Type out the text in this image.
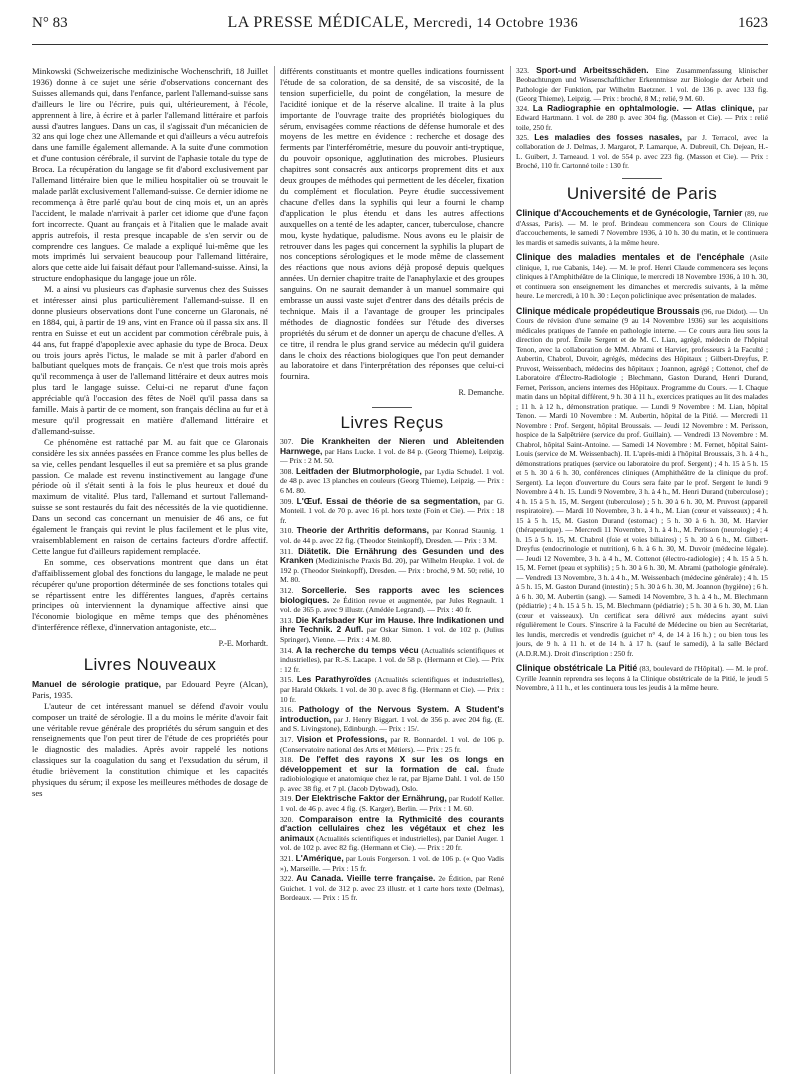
N° 83	LA PRESSE MÉDICALE, Mercredi, 14 Octobre 1936	1623

Minkowski (Schweizerische medizinische Wochenschrift, 18 Juillet 1936) donne à ce sujet une série d'observations concernant des Suisses allemands qui, dans l'enfance, parlent l'allemand-suisse sans d'ailleurs le lire ou l'écrire, puis qui, ultérieurement, à l'école, apprennent à lire, à écrire et à parler l'allemand littéraire et parfois aussi d'autres langues. Dans un cas, il s'agissait d'un mécanicien de 32 ans qui loge chez une Allemande et qui d'ailleurs a vécu autrefois dans une famille également allemande. A la suite d'une commotion et d'une contusion cérébrale, il survint de l'aphasie totale du type de Broca. La récupération du langage se fit d'abord exclusivement par l'allemand littéraire bien que le milieu hospitalier où se trouvait le malade parlât exclusivement l'allemand-suisse. Ce dernier idiome ne recommença à être parlé qu'au bout de cinq mois et, un an après l'accident, le malade n'arrivait à parler cet idiome que d'une façon fort incorrecte. Quant au français et à l'italien que le malade avait appris autrefois, il resta presque incapable de s'en servir ou de comprendre ces langues. Ce malade a expliqué lui-même que les mots imprimés lui servaient beaucoup pour l'allemand littéraire, alors que cette aide lui faisait défaut pour l'allemand-suisse. Ainsi, la structure endophasique du langage joue un rôle.

M. a ainsi vu plusieurs cas d'aphasie survenus chez des Suisses et intéresser ainsi plus particulièrement l'allemand-suisse. Il en donne plusieurs observations dont l'une concerne un Glaronais, né en 1884, qui, à partir de 19 ans, vint en France où il passa six ans. Il rentra en Suisse et eut un accident par commotion cérébrale puis, à 44 ans, fut frappé d'apoplexie avec aphasie du type de Broca. Deux ou trois jours après l'ictus, le malade se mit à parler d'abord en balbutiant quelques mots de français. Ce n'est que trois mois après qu'il recommença à user de l'allemand littéraire et deux autres mois plus tard le langage suisse. Celui-ci ne reparut d'une façon appréciable qu'à l'occasion des fêtes de Noël qu'il passa dans sa famille. Mais à partir de ce moment, son français déclina au fur et à mesure qu'il progressait en matière d'allemand littéraire et d'allemand-suisse.

Ce phénomène est rattaché par M. au fait que ce Glaronais considère les six années passées en France comme les plus belles de sa vie, celles pendant lesquelles il eut sa première et sa plus grande passion. Ce malade est revenu instinctivement au langage d'une période où il s'était senti à la fois le plus heureux et doué du maximum de vitalité. Plus tard, l'allemand et surtout l'allemand-suisse se sont restaurés du fait des nécessités de la vie quotidienne. Dans un second cas concernant un menuisier de 46 ans, ce fut également le français qui revint le plus facilement et le plus vite, vraisemblablement en raison de certains facteurs d'ordre affectif. Cette langue fut d'ailleurs rapidement remplacée.

En somme, ces observations montrent que dans un état d'affaiblissement global des fonctions du langage, le malade ne peut récupérer qu'une proportion déterminée de ses fonctions totales qui se répartissent entre les différentes langues, d'après certains principes où interviennent la dynamique affective ainsi que l'économie biologique en même temps que des phénomènes d'interférence réflexe, d'innervation antagoniste, etc...

P.-E. Morhardt.
Livres Nouveaux

Manuel de sérologie pratique, par Edouard Peyre (Alcan), Paris, 1935.

L'auteur de cet intéressant manuel se défend d'avoir voulu composer un traité de sérologie. Il a du moins le mérite d'avoir fait une véritable revue générale des propriétés du sérum sanguin et des renseignements que l'on peut tirer de l'étude de ces propriétés pour le diagnostic des maladies. Après avoir rappelé les notions classiques sur la coagulation du sang et l'exsudation du sérum, il étudie brièvement la constitution chimique et les capacités physiques du sérum; il expose les meilleures méthodes de dosage de ses

différents constituants et montre quelles indications fournissent l'étude de sa coloration, de sa densité, de sa viscosité, de la tension superficielle, du point de congélation, la mesure de l'acidité ionique et de la réserve alcaline. Il traite à la plus importante de l'ouvrage traite des propriétés biologiques du sérum, envisagées comme réactions de défense humorale et des moyens de les mettre en évidence : recherche et dosage des ferments par l'interférométrie, mesure du pouvoir anti-tryptique, du pouvoir opsonique, agglutination des microbes. Plusieurs chapitres sont consacrés aux anticorps proprement dits et aux deux groupes de méthodes qui permettent de les déceler, fixation du complément et floculation. Peyre étudie successivement chacune d'elles dans la syphilis qui leur a fourni le champ d'application le plus étendu et dans les autres affections auxquelles on a tenté de les adapter, cancer, tuberculose, chancre mou, kyste hydatique, paludisme. Nous avons eu le plaisir de retrouver dans les pages qui concernent la syphilis la plupart de nos conceptions sérologiques et le mode même de classement des réactions que nous avions déjà proposé depuis quelques années. Un dernier chapitre traite de l'anaphylaxie et des groupes sanguins. On ne saurait demander à un manuel sommaire qui embrasse un aussi vaste sujet d'entrer dans des détails précis de technique. Mais il a l'avantage de grouper les principales méthodes de diagnostic fondées sur l'étude des diverses propriétés du sérum et de donner un aperçu de chacune d'elles. A ce titre, il rendra le plus grand service au médecin qu'il guidera dans le choix des réactions biologiques que l'on peut demander au laboratoire et dans l'interprétation des réponses que celui-ci fournira.

R. Demanche.
Livres Reçus

307. Die Krankheiten der Nieren und Ableitenden Harnwege, par Hans Lucke. 1 vol. de 84 p. (Georg Thieme), Leipzig. — Prix : 2 M. 50.

308. Leitfaden der Blutmorphologie, par Lydia Schudel. 1 vol. de 48 p. avec 13 planches en couleurs (Georg Thieme), Leipzig. — Prix : 6 M. 80.

309. L'Œuf. Essai de théorie de sa segmentation, par G. Monteil. 1 vol. de 70 p. avec 16 pl. hors texte (Foin et Cie). — Prix : 18 fr.

310. Theorie der Arthritis deformans, par Konrad Staunig. 1 vol. de 44 p. avec 22 fig. (Theodor Steinkopff), Dresden. — Prix : 3 M.

311. Diätetik. Die Ernährung des Gesunden und des Kranken (Medizinische Praxis Bd. 20), par Wilhelm Heupke. 1 vol. de 192 p. (Theodor Steinkopff), Dresden. — Prix : broché, 9 M. 50; relié, 10 M. 80.

312. Sorcellerie. Ses rapports avec les sciences biologiques. 2e Édition revue et augmentée, par Jules Regnault. 1 vol. de 365 p. avec 9 illustr. (Amédée Legrand). — Prix : 40 fr.

313. Die Karlsbader Kur im Hause. Ihre Indikationen und ihre Technik. 2 Aufl. par Oskar Simon. 1 vol. de 102 p. (Julius Springer), Vienne. — Prix : 4 M. 80.

314. A la recherche du temps vécu (Actualités scientifiques et industrielles), par R.-S. Lacape. 1 vol. de 58 p. (Hermann et Cie). — Prix : 12 fr.

315. Les Parathyroïdes (Actualités scientifiques et industrielles), par Harald Okkels. 1 vol. de 30 p. avec 8 fig. (Hermann et Cie). — Prix : 10 fr.

316. Pathology of the Nervous System. A Student's introduction, par J. Henry Biggart. 1 vol. de 356 p. avec 204 fig. (E. and S. Livingstone), Edinburgh. — Prix : 15/.

317. Vision et Professions, par R. Bonnardel. 1 vol. de 106 p. (Conservatoire national des Arts et Métiers). — Prix : 25 fr.

318. De l'effet des rayons X sur les os longs en développement et sur la formation de cal. Étude radiobiologique et anatomique chez le rat, par Bjarne Dahl. 1 vol. de 150 p. avec 38 fig. et 7 pl. (Jacob Dybwad), Oslo.

319. Der Elektrische Faktor der Ernährung, par Rudolf Keller. 1 vol. de 46 p. avec 4 fig. (S. Karger), Berlin. — Prix : 1 M. 60.

320. Comparaison entre la Rythmicité des courants d'action cellulaires chez les végétaux et chez les animaux (Actualités scientifiques et industrielles), par Daniel Auger. 1 vol. de 102 p. avec 82 fig. (Hermann et Cie). — Prix : 20 fr.

321. L'Amérique, par Louis Forgerson. 1 vol. de 106 p. (« Quo Vadis »), Marseille. — Prix : 15 fr.

322. Au Canada. Vieille terre française. 2e Édition, par René Guichet. 1 vol. de 312 p. avec 23 illustr. et 1 carte hors texte (Delmas), Bordeaux. — Prix : 15 fr.

323. Sport-und Arbeitsschäden. Eine Zusammenfassung klinischer Beobachtungen und Wissenschaftlicher Erkenntnisse zur Biologie der Arbeit und Pathologie der Funktion, par Wilhelm Baetzner. 1 vol. de 136 p. avec 133 fig. (Georg Thieme), Leipzig. — Prix : broché, 8 M.; relié, 9 M. 60.

324. La Radiographie en ophtalmologie. — Atlas clinique, par Edward Hartmann. 1 vol. de 280 p. avec 304 fig. (Masson et Cie). — Prix : relié toile, 250 fr.

325. Les maladies des fosses nasales, par J. Terracol, avec la collaboration de J. Delmas, J. Margarot, P. Lamarque, A. Dubreuil, Ch. Dejean, H.-L. Guibert, J. Tarneaud. 1 vol. de 554 p. avec 223 fig. (Masson et Cie). — Prix : Broché, 110 fr. Cartonné toile : 130 fr.

Université de Paris

Clinique d'Accouchements et de Gynécologie, Tarnier (89, rue d'Assas, Paris). — M. le prof. Brindeau commencera son Cours de Clinique d'accouchements, le samedi 7 Novembre 1936, à 10 h. 30 du matin, et le continuera les mardis et samedis suivants, à la même heure.

Clinique des maladies mentales et de l'encéphale (Asile clinique, 1, rue Cabanis, 14e). — M. le prof. Henri Claude commencera ses leçons cliniques à l'Amphithéâtre de la Clinique, le mercredi 18 Novembre 1936, à 10 h. 30, et continuera son enseignement les dimanches et mercredis suivants, à la même heure. Le mercredi, à 10 h. 30 : Leçon policlinique avec présentation de malades.

Clinique médicale propédeutique Broussais (96, rue Didot). — Un Cours de révision d'une semaine (9 au 14 Novembre 1936) sur les acquisitions médicales pratiques de l'année en pathologie interne. — Ce cours aura lieu sous la direction du prof. Émile Sergent et de M. C. Lian, agrégé, médecin de l'hôpital Tenon, avec la collaboration de MM. Abrami et Harvier, professeurs à la Faculté ; Aubertin, Chabrol, Duvoir, agrégés, médecins des Hôpitaux ; Gilbert-Dreyfus, P. Pruvost, Weissenbach, médecins des hôpitaux ; Joannon, agrégé ; Cottenot, chef de Laboratoire d'Électro-Radiologie ; Blechmann, Gaston Durand, Henri Durand, Fernet, Perisson, anciens internes des Hôpitaux. Programme du Cours. — I. Chaque matin dans un hôpital différent, 9 h. 30 à 11 h., exercices pratiques au lit des malades ; 11 h. à 12 h., démonstration pratique. — Lundi 9 Novembre : M. Lian, hôpital Tenon. — Mardi 10 Novembre : M. Aubertin, hôpital de la Pitié. — Mercredi 11 Novembre : Prof. Sergent, hôpital Broussais. — Jeudi 12 Novembre : M. Perisson, hospice de la Salpêtrière (service du prof. Guillain). — Vendredi 13 Novembre : M. Chabrol, hôpital Saint-Antoine. — Samedi 14 Novembre : M. Fernet, hôpital Saint-Louis (service de M. Weissenbach). II. L'après-midi à l'hôpital Broussais, 3 h. à 4 h., démonstrations pratiques (service ou laboratoire du prof. Sergent) ; 4 h. 15 à 5 h. 15 et 5 h. 30 à 6 h. 30, conférences cliniques (Amphithéâtre de la clinique du prof. Sergent). La leçon d'ouverture du Cours sera faite par le prof. Sergent le lundi 9 Novembre à 4 h. 15. Lundi 9 Novembre, 3 h. à 4 h., M. Henri Durand (tuberculose) ; 4 h. 15 à 5 h. 15, M. Sergent (tuberculose) ; 5 h. 30 à 6 h. 30, M. Pruvost (appareil respiratoire). — Mardi 10 Novembre, 3 h. à 4 h., M. Lian (cœur et vaisseaux) ; 4 h. 15 à 5 h. 15, M. Gaston Durand (estomac) ; 5 h. 30 à 6 h. 30, M. Harvier (thérapeutique). — Mercredi 11 Novembre, 3 h. à 4 h., M. Perisson (neurologie) ; 4 h. 15 à 5 h. 15, M. Chabrol (foie et voies biliaires) ; 5 h. 30 à 6 h., M. Gilbert-Dreyfus (endocrinologie et nutrition), 6 h. à 6 h. 30, M. Duvoir (médecine légale). — Jeudi 12 Novembre, 3 h. à 4 h., M. Cottenot (électro-radiologie) ; 4 h. 15 à 5 h. 15, M. Fernet (peau et syphilis) ; 5 h. 30 à 6 h. 30, M. Abrami (pathologie générale). — Vendredi 13 Novembre, 3 h. à 4 h., M. Weissenbach (médecine générale) ; 4 h. 15 à 5 h. 15, M. Gaston Durand (intestin) ; 5 h. 30 à 6 h. 30, M. Joannon (hygiène) ; 6 h. à 6 h. 30, M. Aubertin (sang). — Samedi 14 Novembre, 3 h. à 4 h., M. Blechmann (pédiatrie) ; 4 h. 15 à 5 h. 15, M. Blechmann (pédiatrie) ; 5 h. 30 à 6 h. 30, M. Lian (cœur et vaisseaux). Un certificat sera délivré aux médecins ayant suivi régulièrement le Cours. S'inscrire à la Faculté de Médecine ou bien au Secrétariat, les lundis, mercredis et vendredis (guichet n° 4, de 14 à 16 h.) ; ou bien tous les jours, de 9 h. à 11 h. et de 14 h. à 17 h. (sauf le samedi), à la salle Béclard (A.D.R.M.). Droit d'inscription : 250 fr.

Clinique obstétricale La Pitié (83, boulevard de l'Hôpital). — M. le prof. Cyrille Jeannin reprendra ses leçons à la Clinique obstétricale de la Pitié, le jeudi 5 Novembre, à 11 h., et les continuera tous les jeudis à la même heure.
